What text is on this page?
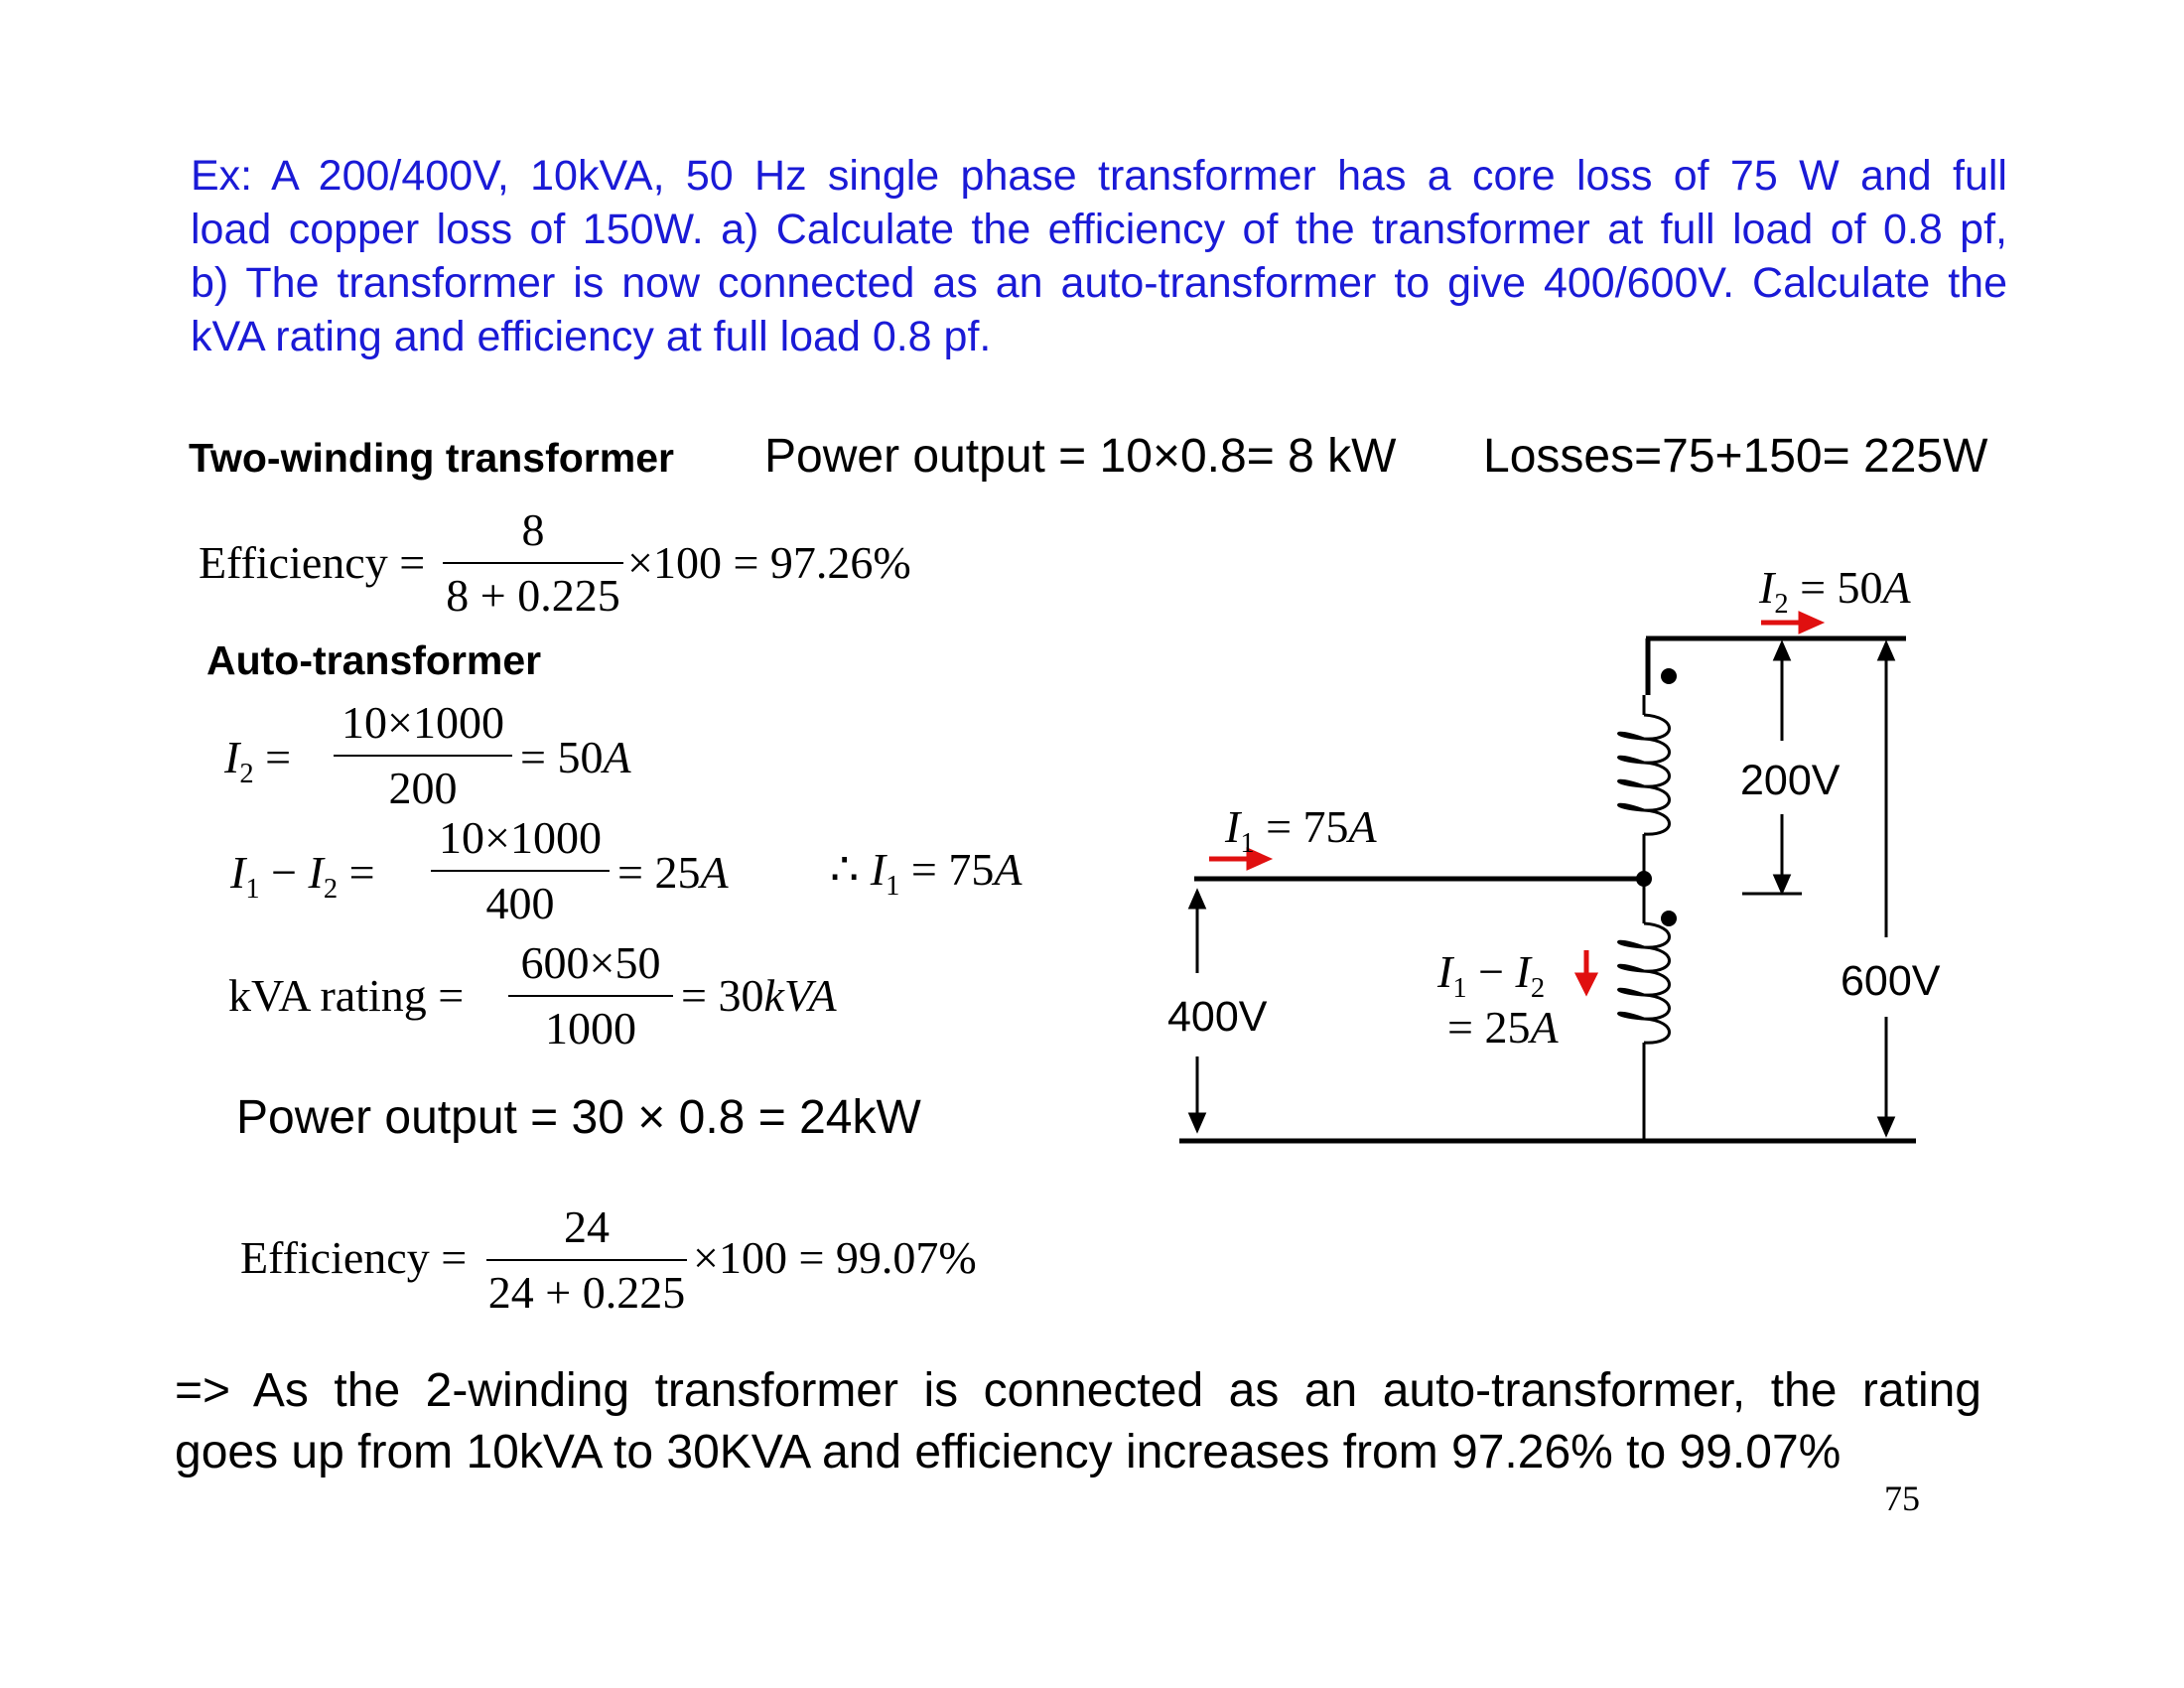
Ex: A 200/400V, 10kVA, 50 Hz single phase transformer has a core loss of 75 W and full
load copper loss of 150W. a) Calculate the efficiency of the transformer at full load of 0.8 pf,
b) The transformer is now connected as an auto-transformer to give 400/600V. Calculate the
kVA rating and efficiency at full load 0.8 pf.
Two-winding transformer Power output = 10×0.8= 8 kW Losses=75+150= 225W
Efficiency =
8
8 + 0.225
×100 = 97.26%
Auto-transformer
$I_2$ =
10×1000
200
= 50A
$I_1 - I_2$ =
10×1000
400
= 25A ∴ $I_1 = 75A$
kVA rating =
600×50
1000
= 30kVA
Power output = 30 × 0.8 = 24kW
Efficiency =
24
24 + 0.225
×100 = 99.07%
$I_2 = 50A$
$I_1 = 75A$
$I_1 - I_2$
= 25A
200V
400V
600V
=> As the 2-winding transformer is connected as an auto-transformer, the rating
goes up from 10kVA to 30KVA and efficiency increases from 97.26% to 99.07%
75
